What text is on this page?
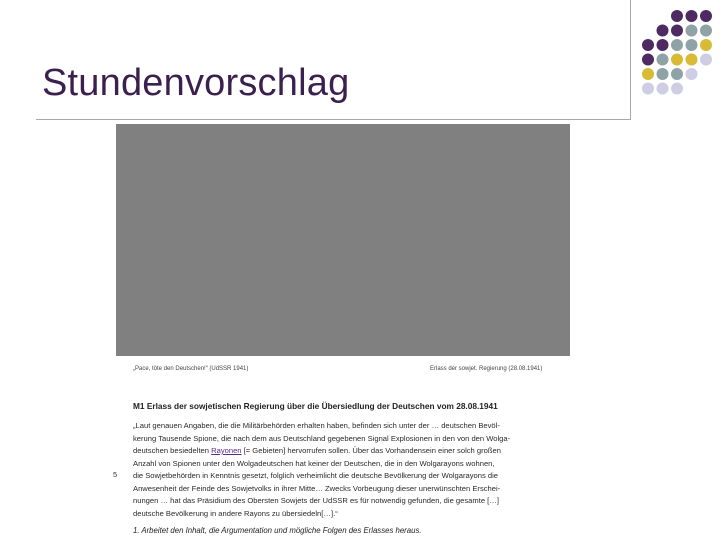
Stundenvorschlag
„Pace, töte den Deutschen!“ (UdSSR 1941)	Erlass der sowjet. Regierung (28.08.1941)
M1 Erlass der sowjetischen Regierung über die Übersiedlung der Deutschen vom 28.08.1941
5
„Laut genauen Angaben, die die Militärbehörden erhalten haben, befinden sich unter der … deutschen Bevöl-
kerung Tausende Spione, die nach dem aus Deutschland gegebenen Signal Explosionen in den von den Wolga-
deutschen besiedelten Rayonen [= Gebieten] hervorrufen sollen. Über das Vorhandensein einer solch großen
Anzahl von Spionen unter den Wolgadeutschen hat keiner der Deutschen, die in den Wolgarayons wohnen,
die Sowjetbehörden in Kenntnis gesetzt, folglich verheimlicht die deutsche Bevölkerung der Wolgarayons die
Anwesenheit der Feinde des Sowjetvolks in ihrer Mitte… Zwecks Vorbeugung dieser unerwünschten Erschei-
nungen … hat das Präsidium des Obersten Sowjets der UdSSR es für notwendig gefunden, die gesamte […]
deutsche Bevölkerung in andere Rayons zu übersiedeln[…].“
1. Arbeitet den Inhalt, die Argumentation und mögliche Folgen des Erlasses heraus.
